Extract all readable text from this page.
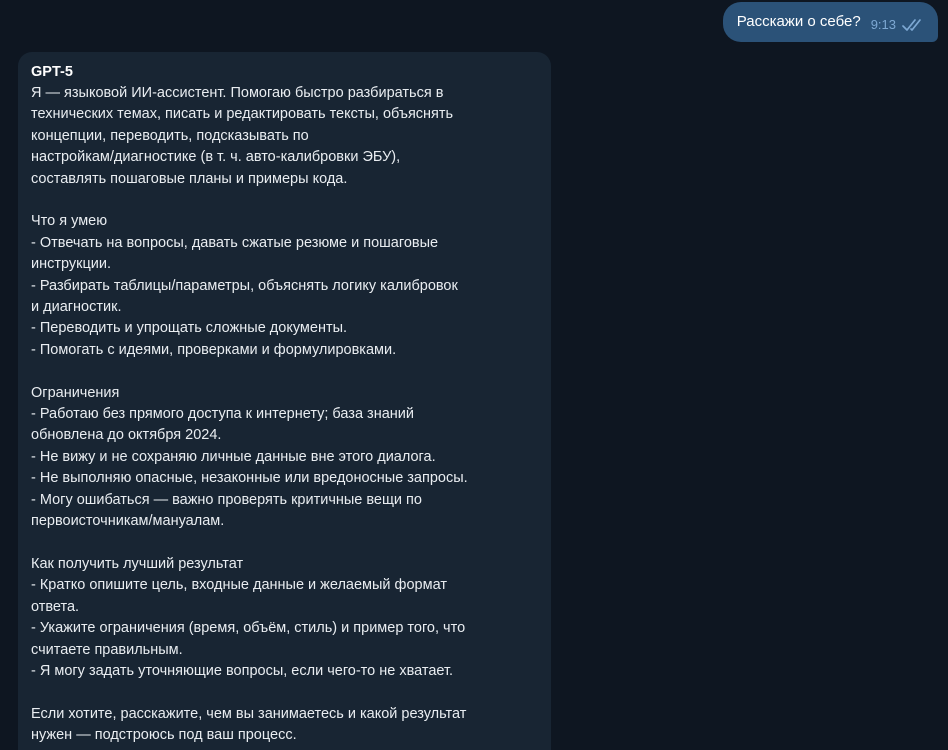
Расскажи о себе? 9:13

GPT-5

Я — языковой ИИ-ассистент. Помогаю быстро разбираться в
технических темах, писать и редактировать тексты, объяснять
концепции, переводить, подсказывать по
настройкам/диагностике (в т. ч. авто-калибровки ЭБУ),
составлять пошаговые планы и примеры кода.
Что я умею
- Отвечать на вопросы, давать сжатые резюме и пошаговые
инструкции.
- Разбирать таблицы/параметры, объяснять логику калибровок
и диагностик.
- Переводить и упрощать сложные документы.
- Помогать с идеями, проверками и формулировками.
Ограничения
- Работаю без прямого доступа к интернету; база знаний
обновлена до октября 2024.
- Не вижу и не сохраняю личные данные вне этого диалога.
- Не выполняю опасные, незаконные или вредоносные запросы.
- Могу ошибаться — важно проверять критичные вещи по
первоисточникам/мануалам.
Как получить лучший результат
- Кратко опишите цель, входные данные и желаемый формат
ответа.
- Укажите ограничения (время, объём, стиль) и пример того, что
считаете правильным.
- Я могу задать уточняющие вопросы, если чего-то не хватает.
Если хотите, расскажите, чем вы занимаетесь и какой результат
нужен — подстроюсь под ваш процесс.
